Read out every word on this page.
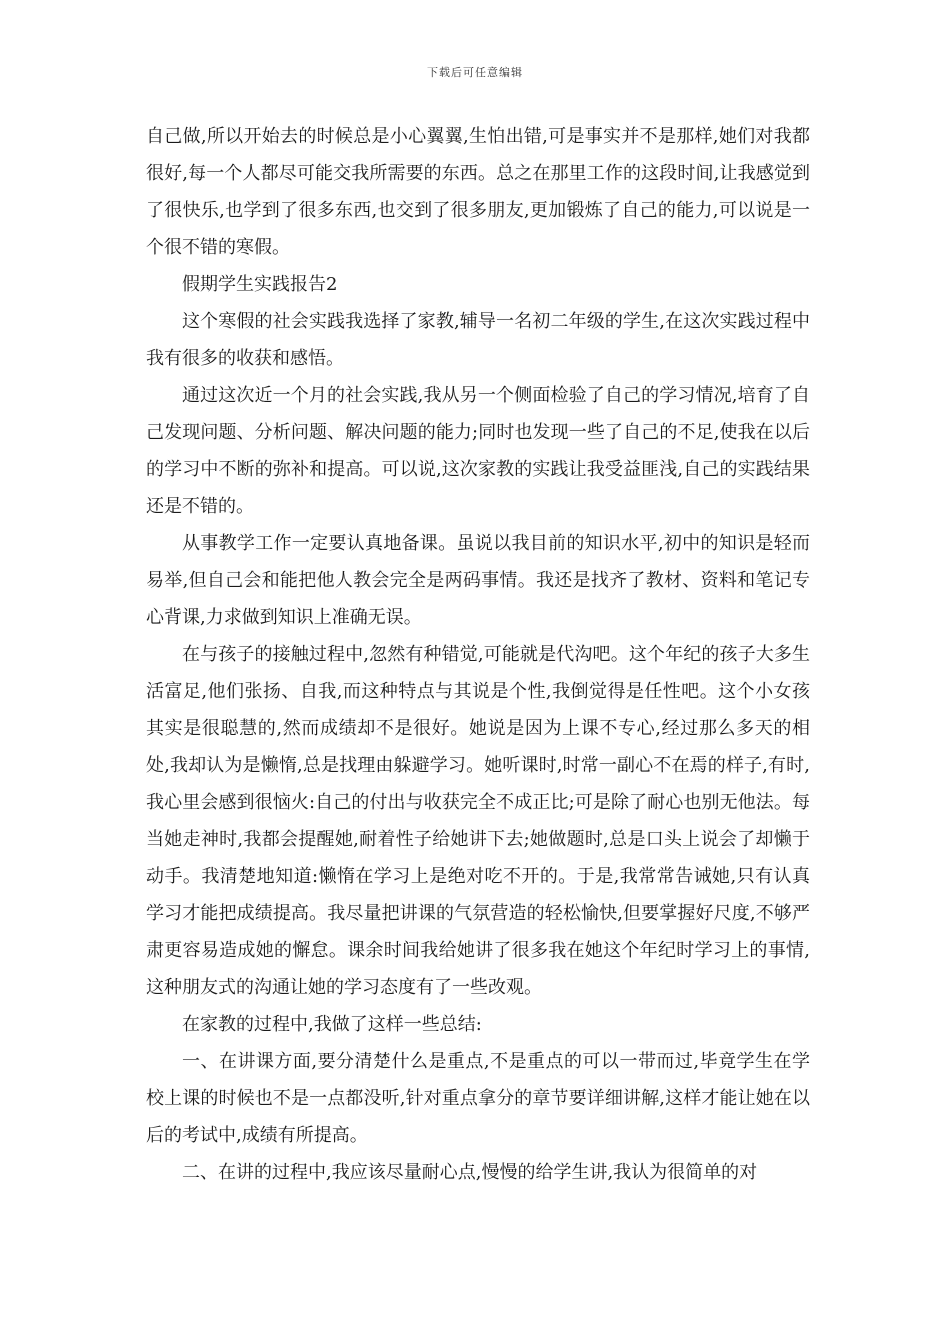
下载后可任意编辑

自己做,所以开始去的时候总是小心翼翼,生怕出错,可是事实并不是那样,她们对我都很好,每一个人都尽可能交我所需要的东西。总之在那里工作的这段时间,让我感觉到了很快乐,也学到了很多东西,也交到了很多朋友,更加锻炼了自己的能力,可以说是一个很不错的寒假。

假期学生实践报告2

这个寒假的社会实践我选择了家教,辅导一名初二年级的学生,在这次实践过程中我有很多的收获和感悟。

通过这次近一个月的社会实践,我从另一个侧面检验了自己的学习情况,培育了自己发现问题、分析问题、解决问题的能力;同时也发现一些了自己的不足,使我在以后的学习中不断的弥补和提高。可以说,这次家教的实践让我受益匪浅,自己的实践结果还是不错的。

从事教学工作一定要认真地备课。虽说以我目前的知识水平,初中的知识是轻而易举,但自己会和能把他人教会完全是两码事情。我还是找齐了教材、资料和笔记专心背课,力求做到知识上准确无误。

在与孩子的接触过程中,忽然有种错觉,可能就是代沟吧。这个年纪的孩子大多生活富足,他们张扬、自我,而这种特点与其说是个性,我倒觉得是任性吧。这个小女孩其实是很聪慧的,然而成绩却不是很好。她说是因为上课不专心,经过那么多天的相处,我却认为是懒惰,总是找理由躲避学习。她听课时,时常一副心不在焉的样子,有时,我心里会感到很恼火:自己的付出与收获完全不成正比;可是除了耐心也别无他法。每当她走神时,我都会提醒她,耐着性子给她讲下去;她做题时,总是口头上说会了却懒于动手。我清楚地知道:懒惰在学习上是绝对吃不开的。于是,我常常告诫她,只有认真学习才能把成绩提高。我尽量把讲课的气氛营造的轻松愉快,但要掌握好尺度,不够严肃更容易造成她的懈怠。课余时间我给她讲了很多我在她这个年纪时学习上的事情,这种朋友式的沟通让她的学习态度有了一些改观。

在家教的过程中,我做了这样一些总结:

一、在讲课方面,要分清楚什么是重点,不是重点的可以一带而过,毕竟学生在学校上课的时候也不是一点都没听,针对重点拿分的章节要详细讲解,这样才能让她在以后的考试中,成绩有所提高。

二、在讲的过程中,我应该尽量耐心点,慢慢的给学生讲,我认为很简单的对
